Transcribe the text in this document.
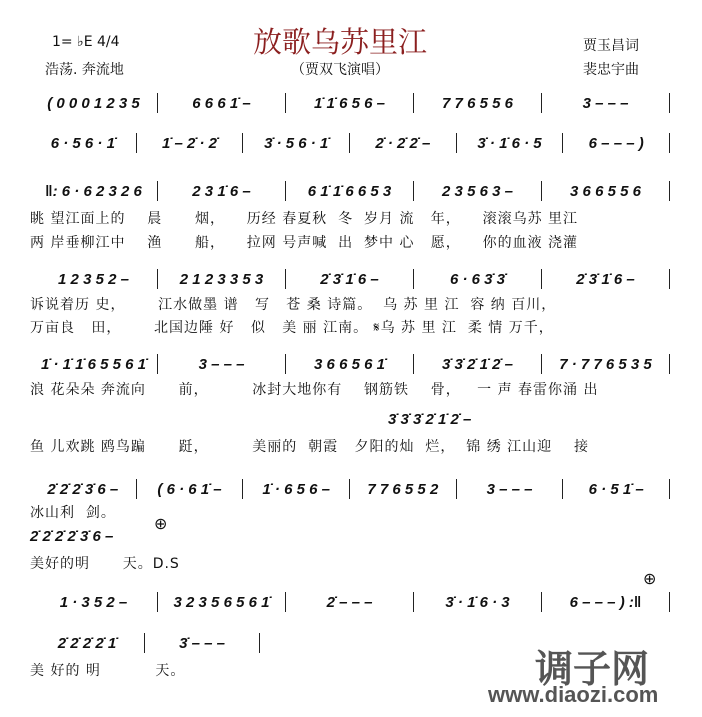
1= ♭E 4/4
浩荡. 奔流地
放歌乌苏里江
（贾双飞演唱）
贾玉昌词
裴忠宇曲
( 0 0 0 1 2 3 5	6 6 6 1̇ –	1̇ 1̇ 6 5 6 –	7 7 6 5 5 6	3 – – –
6 · 5 6 · 1̇	1̇ – 2̇ · 2̇	3̇ · 5 6 · 1̇	2̇ · 2̇ 2̇ –	3̇ · 1̇ 6 · 5	6 – – – )
‖: 6 · 6 2 3 2 6	2 3 1̇ 6 –	6 1̇ 1̇ 6 6 5 3	2 3 5 6 3 –	3 6 6 5 5 6
眺 望江面上的    晨      烟，    历经 春夏秋  冬  岁月 流   年，    滚滚乌苏 里江
两 岸垂柳江中    渔      船，    拉网 号声喊  出  梦中 心   愿，    你的血液 浇灌
1 2 3 5 2 –	2 1 2 3 3 5 3	2̇ 3̇ 1̇ 6 –	6 · 6 3̇ 3̇	2̇ 3̇ 1̇ 6 –
诉说着历 史，      江水做墨 谱   写   苍 桑 诗篇。  乌 苏 里 江  容 纳 百川，
万亩良   田，      北国边陲 好   似   美 丽 江南。 𝄋乌 苏 里 江  柔 情 万千，
1̇ · 1̇ 1̇ 6 5 5 6 1̇	3 – – –	3 6 6 5 6 1̇	3̇ 3̇ 2̇ 1̇ 2̇ –	7 · 7 7 6 5 3 5
浪 花朵朵 奔流向      前，        冰封大地你有    钢筋铁    骨，   一 声 春雷你涌 出
3̇ 3̇ 3̇ 2̇ 1̇ 2̇ –
鱼 儿欢跳 鸥鸟蹁      跹，        美丽的  朝霞   夕阳的灿  烂，  锦 绣 江山迎    接
2̇ 2̇ 2̇ 3̇ 6 –	( 6 · 6 1̇ –	1̇ · 6 5 6 –	7 7 6 5 5 2	3 – – –	6 · 5 1̇ –
冰山利  剑。
⊕
2̇ 2̇ 2̇ 2̇ 3̇ 6 –
美好的明      天。D.S
⊕
1 · 3 5 2 –	3 2 3 5 6 5 6 1̇	2̇ – – –	3̇ · 1̇ 6 · 3	6 – – – ) :‖
2̇ 2̇ 2̇ 2̇ 1̇	3̇ – – –
美 好的 明          天。	调子网
www.diaozi.com
